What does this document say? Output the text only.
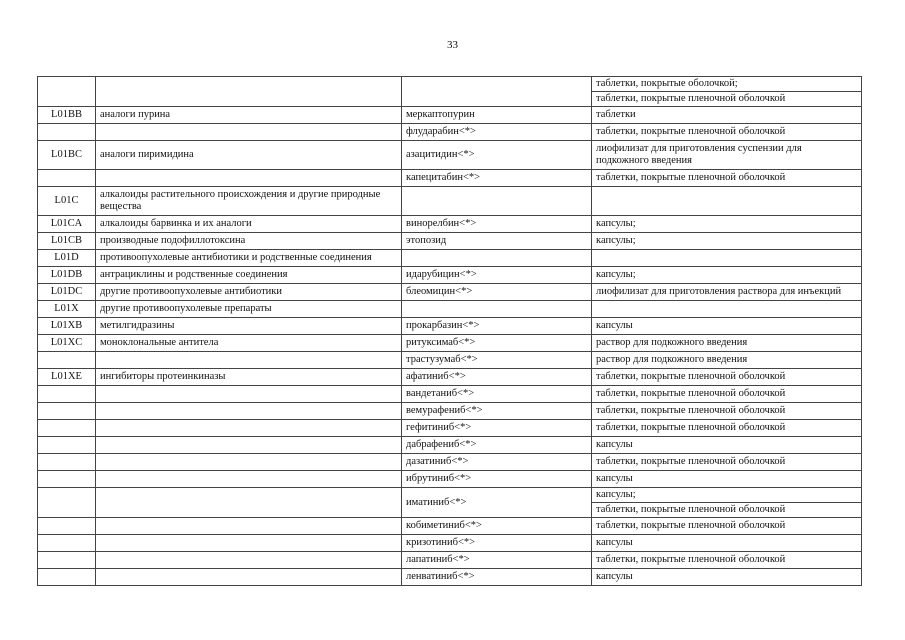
33
			таблетки, покрытые оболочкой;
			таблетки, покрытые пленочной оболочкой
L01BB	аналоги пурина	меркаптопурин	таблетки
		флударабин<*>	таблетки, покрытые пленочной оболочкой
L01BC	аналоги пиримидина	азацитидин<*>	лиофилизат для приготовления суспензии для подкожного введения
		капецитабин<*>	таблетки, покрытые пленочной оболочкой
L01C	алкалоиды растительного происхождения и другие природные вещества		
L01CA	алкалоиды барвинка и их аналоги	винорелбин<*>	капсулы;
L01CB	производные подофиллотоксина	этопозид	капсулы;
L01D	противоопухолевые антибиотики и родственные соединения		
L01DB	антрациклины и родственные соединения	идарубицин<*>	капсулы;
L01DC	другие противоопухолевые антибиотики	блеомицин<*>	лиофилизат для приготовления раствора для инъекций
L01X	другие противоопухолевые препараты		
L01XB	метилгидразины	прокарбазин<*>	капсулы
L01XC	моноклональные антитела	ритуксимаб<*>	раствор для подкожного введения
		трастузумаб<*>	раствор для подкожного введения
L01XE	ингибиторы протеинкиназы	афатиниб<*>	таблетки, покрытые пленочной оболочкой
		вандетаниб<*>	таблетки, покрытые пленочной оболочкой
		вемурафениб<*>	таблетки, покрытые пленочной оболочкой
		гефитиниб<*>	таблетки, покрытые пленочной оболочкой
		дабрафениб<*>	капсулы
		дазатиниб<*>	таблетки, покрытые пленочной оболочкой
		ибрутиниб<*>	капсулы
		иматиниб<*>	капсулы;
			таблетки, покрытые пленочной оболочкой
		кобиметиниб<*>	таблетки, покрытые пленочной оболочкой
		кризотиниб<*>	капсулы
		лапатиниб<*>	таблетки, покрытые пленочной оболочкой
		ленватиниб<*>	капсулы
